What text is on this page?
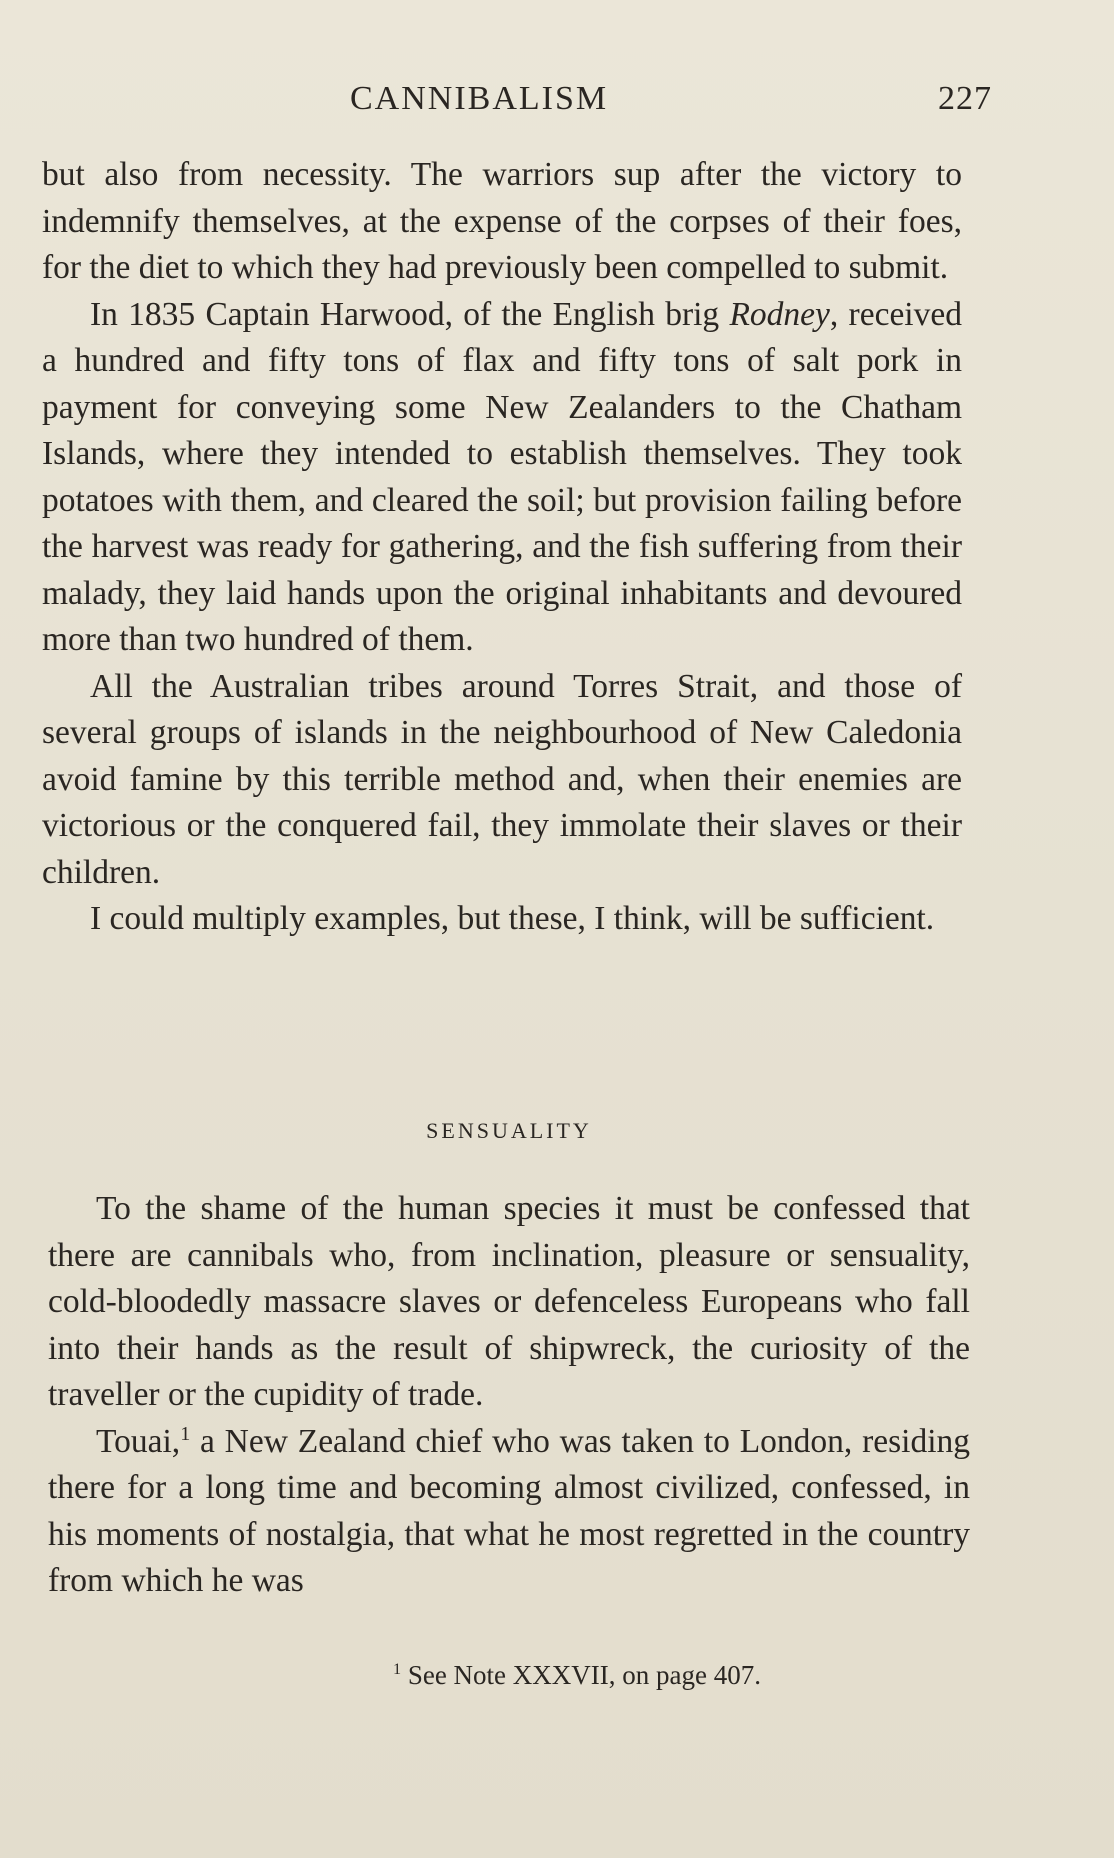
CANNIBALISM	227

but also from necessity. The warriors sup after the victory to indemnify themselves, at the expense of the corpses of their foes, for the diet to which they had previously been compelled to submit.

In 1835 Captain Harwood, of the English brig Rodney, received a hundred and fifty tons of flax and fifty tons of salt pork in payment for conveying some New Zealanders to the Chatham Islands, where they intended to establish themselves. They took potatoes with them, and cleared the soil; but provision failing before the harvest was ready for gathering, and the fish suffering from their malady, they laid hands upon the original inhabitants and devoured more than two hundred of them.

All the Australian tribes around Torres Strait, and those of several groups of islands in the neighbourhood of New Caledonia avoid famine by this terrible method and, when their enemies are victorious or the conquered fail, they immolate their slaves or their children.

I could multiply examples, but these, I think, will be sufficient.

SENSUALITY

To the shame of the human species it must be confessed that there are cannibals who, from inclination, pleasure or sensuality, cold-bloodedly massacre slaves or defenceless Europeans who fall into their hands as the result of shipwreck, the curiosity of the traveller or the cupidity of trade.

Touai,$^1$ a New Zealand chief who was taken to London, residing there for a long time and becoming almost civilized, confessed, in his moments of nostalgia, that what he most regretted in the country from which he was

$^1$ See Note XXXVII, on page 407.
